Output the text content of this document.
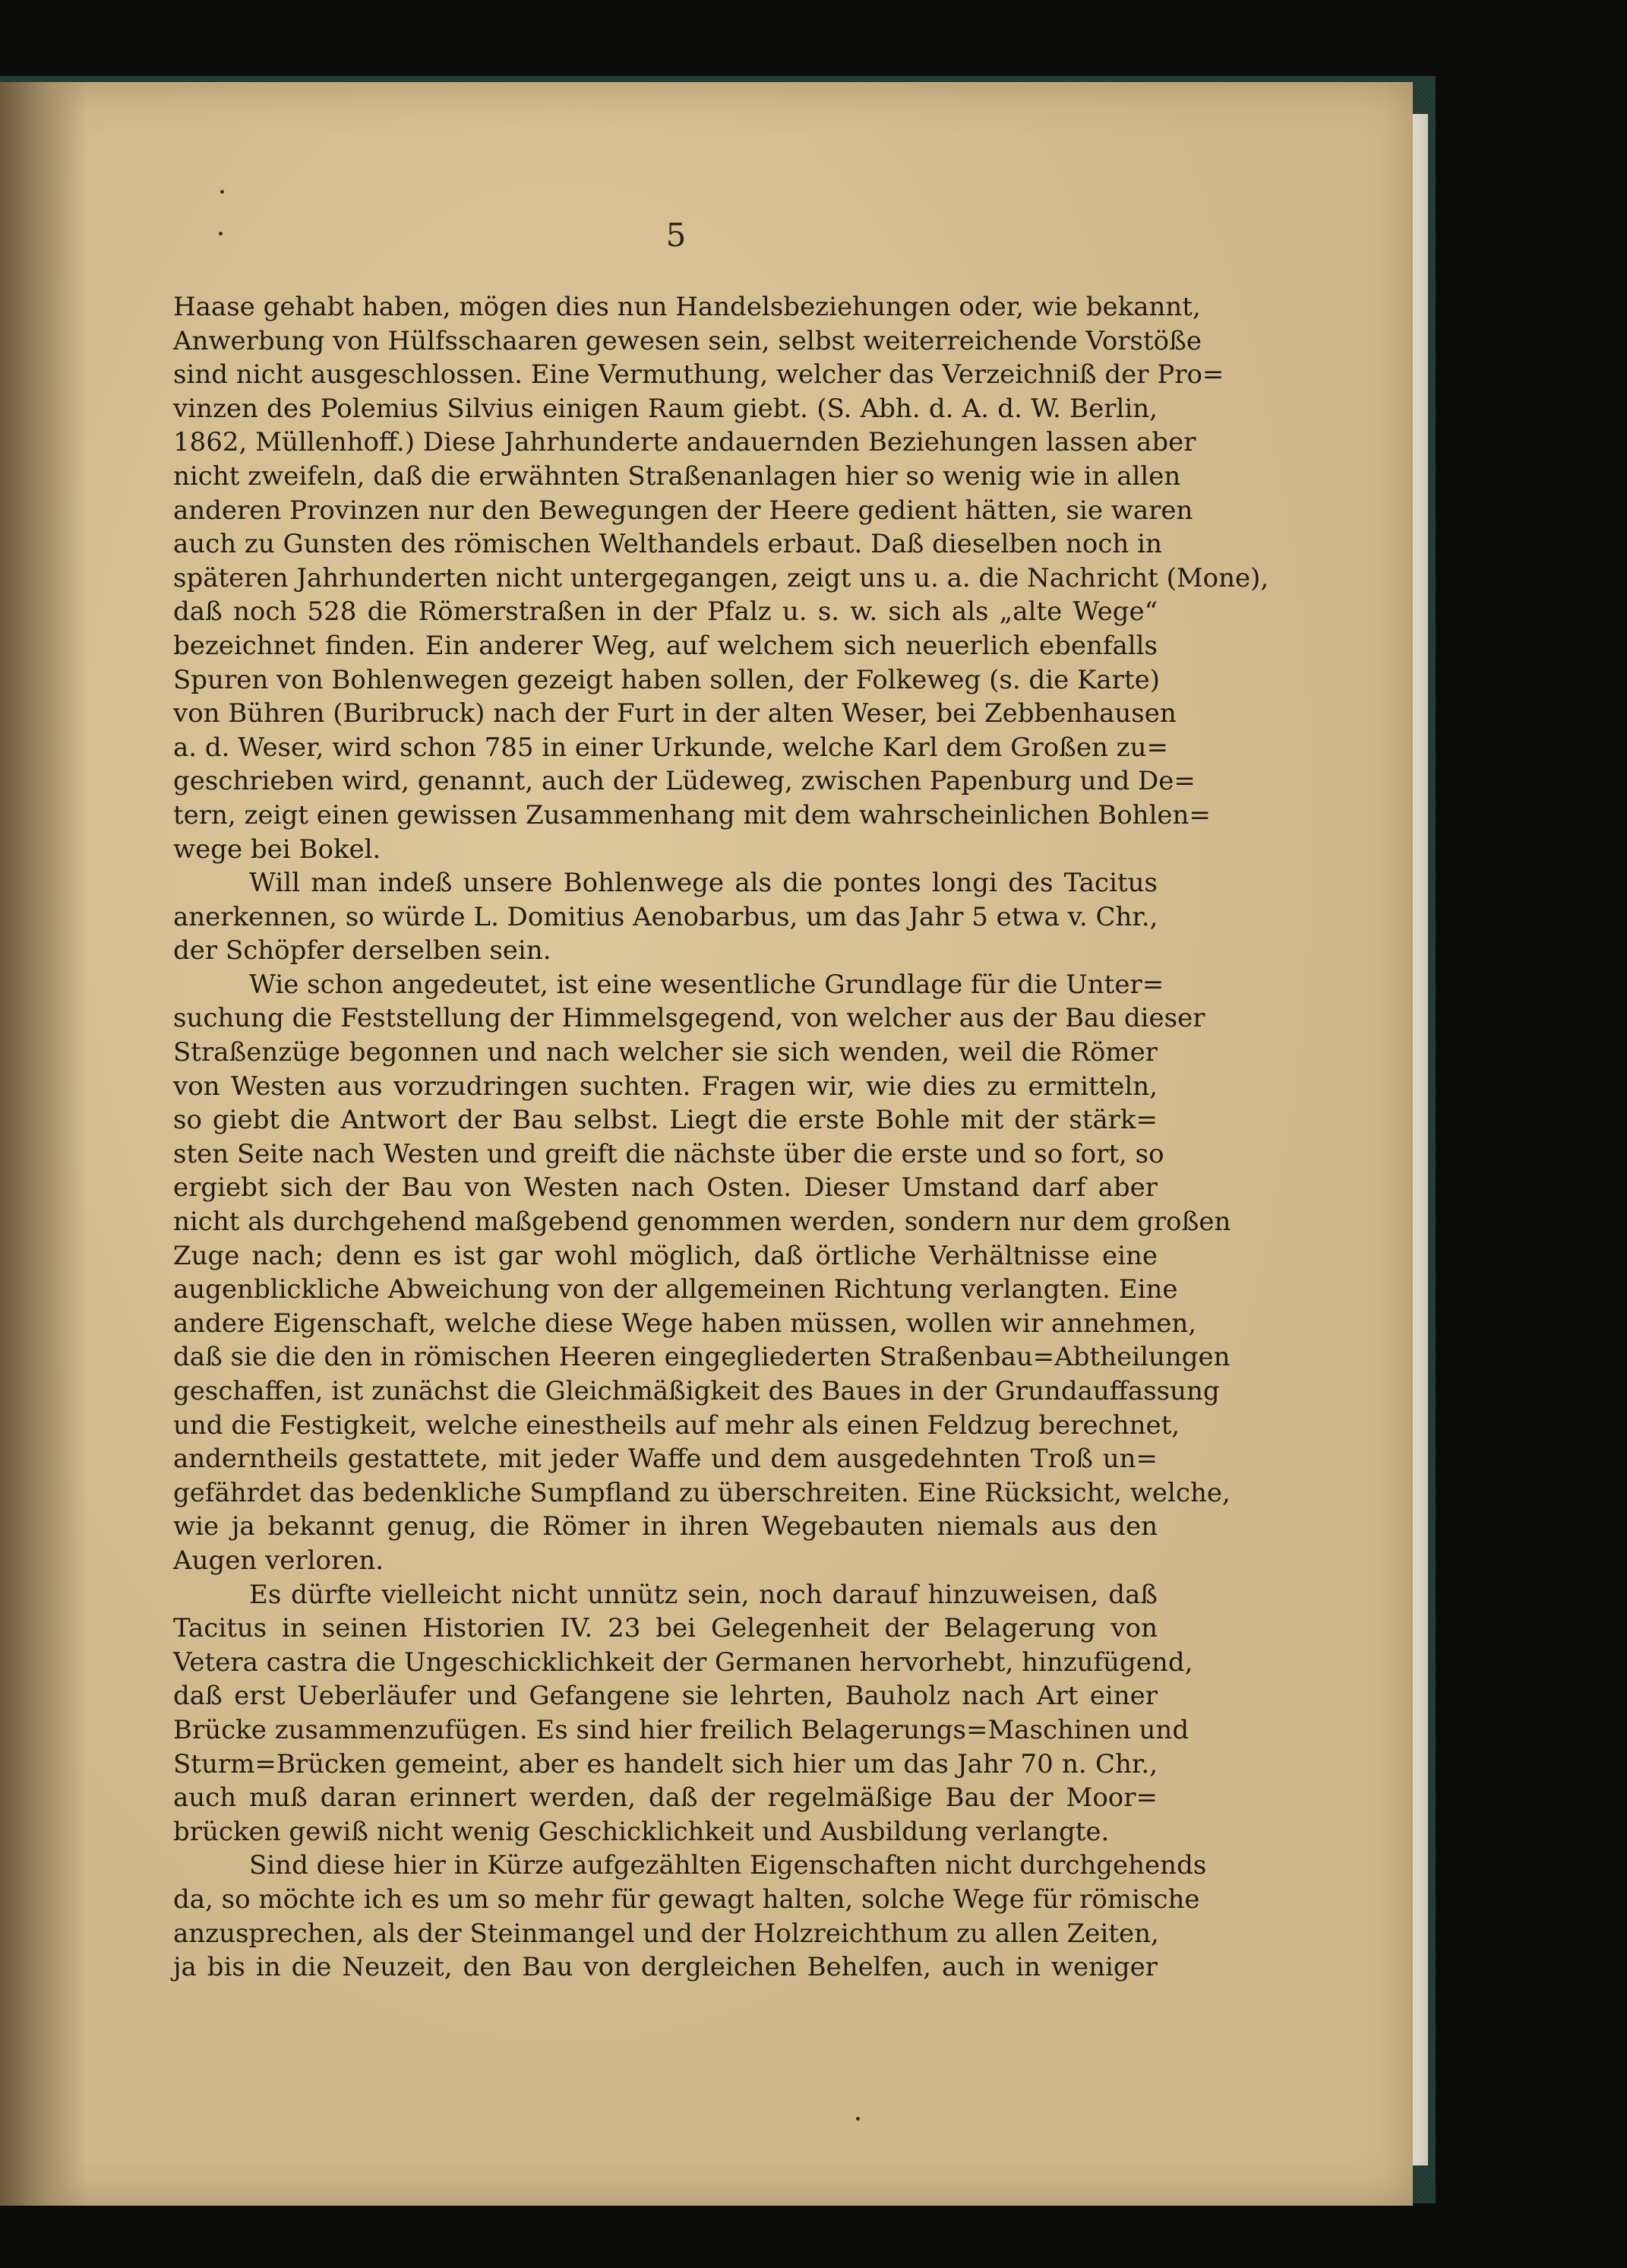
5
Haase gehabt haben, mögen dies nun Handelsbeziehungen oder, wie bekannt,
Anwerbung von Hülfsschaaren gewesen sein, selbst weiterreichende Vorstöße
sind nicht ausgeschlossen. Eine Vermuthung, welcher das Verzeichniß der Pro=
vinzen des Polemius Silvius einigen Raum giebt. (S. Abh. d. A. d. W. Berlin,
1862, Müllenhoff.) Diese Jahrhunderte andauernden Beziehungen lassen aber
nicht zweifeln, daß die erwähnten Straßenanlagen hier so wenig wie in allen
anderen Provinzen nur den Bewegungen der Heere gedient hätten, sie waren
auch zu Gunsten des römischen Welthandels erbaut. Daß dieselben noch in
späteren Jahrhunderten nicht untergegangen, zeigt uns u. a. die Nachricht (Mone),
daß noch 528 die Römerstraßen in der Pfalz u. s. w. sich als „alte Wege“
bezeichnet finden. Ein anderer Weg, auf welchem sich neuerlich ebenfalls
Spuren von Bohlenwegen gezeigt haben sollen, der Folkeweg (s. die Karte)
von Bühren (Buribruck) nach der Furt in der alten Weser, bei Zebbenhausen
a. d. Weser, wird schon 785 in einer Urkunde, welche Karl dem Großen zu=
geschrieben wird, genannt, auch der Lüdeweg, zwischen Papenburg und De=
tern, zeigt einen gewissen Zusammenhang mit dem wahrscheinlichen Bohlen=
wege bei Bokel.
Will man indeß unsere Bohlenwege als die pontes longi des Tacitus
anerkennen, so würde L. Domitius Aenobarbus, um das Jahr 5 etwa v. Chr.,
der Schöpfer derselben sein.
Wie schon angedeutet, ist eine wesentliche Grundlage für die Unter=
suchung die Feststellung der Himmelsgegend, von welcher aus der Bau dieser
Straßenzüge begonnen und nach welcher sie sich wenden, weil die Römer
von Westen aus vorzudringen suchten. Fragen wir, wie dies zu ermitteln,
so giebt die Antwort der Bau selbst. Liegt die erste Bohle mit der stärk=
sten Seite nach Westen und greift die nächste über die erste und so fort, so
ergiebt sich der Bau von Westen nach Osten. Dieser Umstand darf aber
nicht als durchgehend maßgebend genommen werden, sondern nur dem großen
Zuge nach; denn es ist gar wohl möglich, daß örtliche Verhältnisse eine
augenblickliche Abweichung von der allgemeinen Richtung verlangten. Eine
andere Eigenschaft, welche diese Wege haben müssen, wollen wir annehmen,
daß sie die den in römischen Heeren eingegliederten Straßenbau=Abtheilungen
geschaffen, ist zunächst die Gleichmäßigkeit des Baues in der Grundauffassung
und die Festigkeit, welche einestheils auf mehr als einen Feldzug berechnet,
anderntheils gestattete, mit jeder Waffe und dem ausgedehnten Troß un=
gefährdet das bedenkliche Sumpfland zu überschreiten. Eine Rücksicht, welche,
wie ja bekannt genug, die Römer in ihren Wegebauten niemals aus den
Augen verloren.
Es dürfte vielleicht nicht unnütz sein, noch darauf hinzuweisen, daß
Tacitus in seinen Historien IV. 23 bei Gelegenheit der Belagerung von
Vetera castra die Ungeschicklichkeit der Germanen hervorhebt, hinzufügend,
daß erst Ueberläufer und Gefangene sie lehrten, Bauholz nach Art einer
Brücke zusammenzufügen. Es sind hier freilich Belagerungs=Maschinen und
Sturm=Brücken gemeint, aber es handelt sich hier um das Jahr 70 n. Chr.,
auch muß daran erinnert werden, daß der regelmäßige Bau der Moor=
brücken gewiß nicht wenig Geschicklichkeit und Ausbildung verlangte.
Sind diese hier in Kürze aufgezählten Eigenschaften nicht durchgehends
da, so möchte ich es um so mehr für gewagt halten, solche Wege für römische
anzusprechen, als der Steinmangel und der Holzreichthum zu allen Zeiten,
ja bis in die Neuzeit, den Bau von dergleichen Behelfen, auch in weniger
